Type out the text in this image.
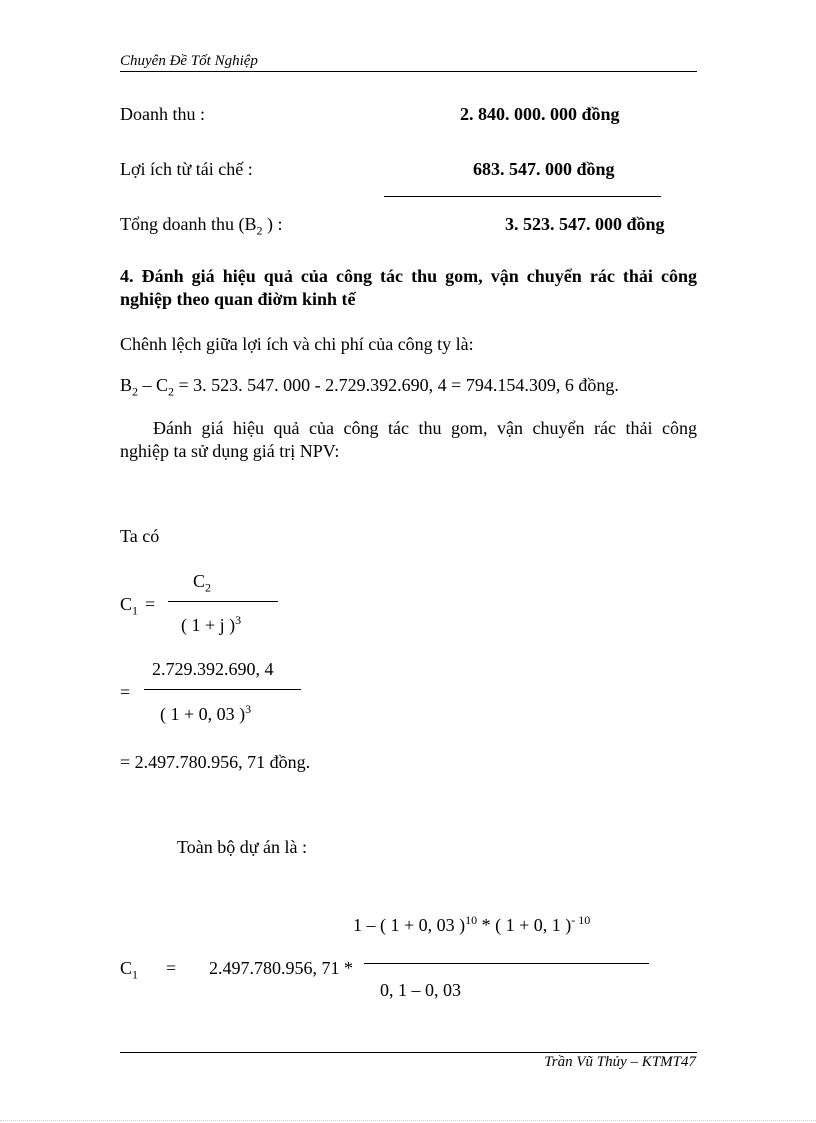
Chuyên Đề Tốt Nghiệp
Doanh thu :	2. 840. 000. 000 đồng
Lợi ích từ tái chế :	683. 547. 000 đồng
Tổng doanh thu ($B_2$ ) :	3. 523. 547. 000 đồng
4. Đánh giá hiệu quả của công tác thu gom, vận chuyển rác thải công
nghiệp theo quan điờm kinh tế
Chênh lệch giữa lợi ích và chi phí của công ty là:
$B_2 - C_2 = 3$. 523. 547. 000 - 2.729.392.690, 4 = 794.154.309, 6 đồng.
Đánh giá hiệu quả của công tác thu gom, vận chuyển rác thải công
nghiệp ta sử dụng giá trị NPV:
Ta có
$C_2$
$C_1$ =
( 1 + j )$^3$
2.729.392.690, 4
=
( 1 + 0, 03 )$^3$
= 2.497.780.956, 71 đồng.
Toàn bộ dự án là :
1 – ( 1 + 0, 03 )$^{10}$ * ( 1 + 0, 1 )$^{- 10}$
$C_1 = 2.497.780.956$, 71 *
0, 1 – 0, 03
Trần Vũ Thủy – KTMT47
